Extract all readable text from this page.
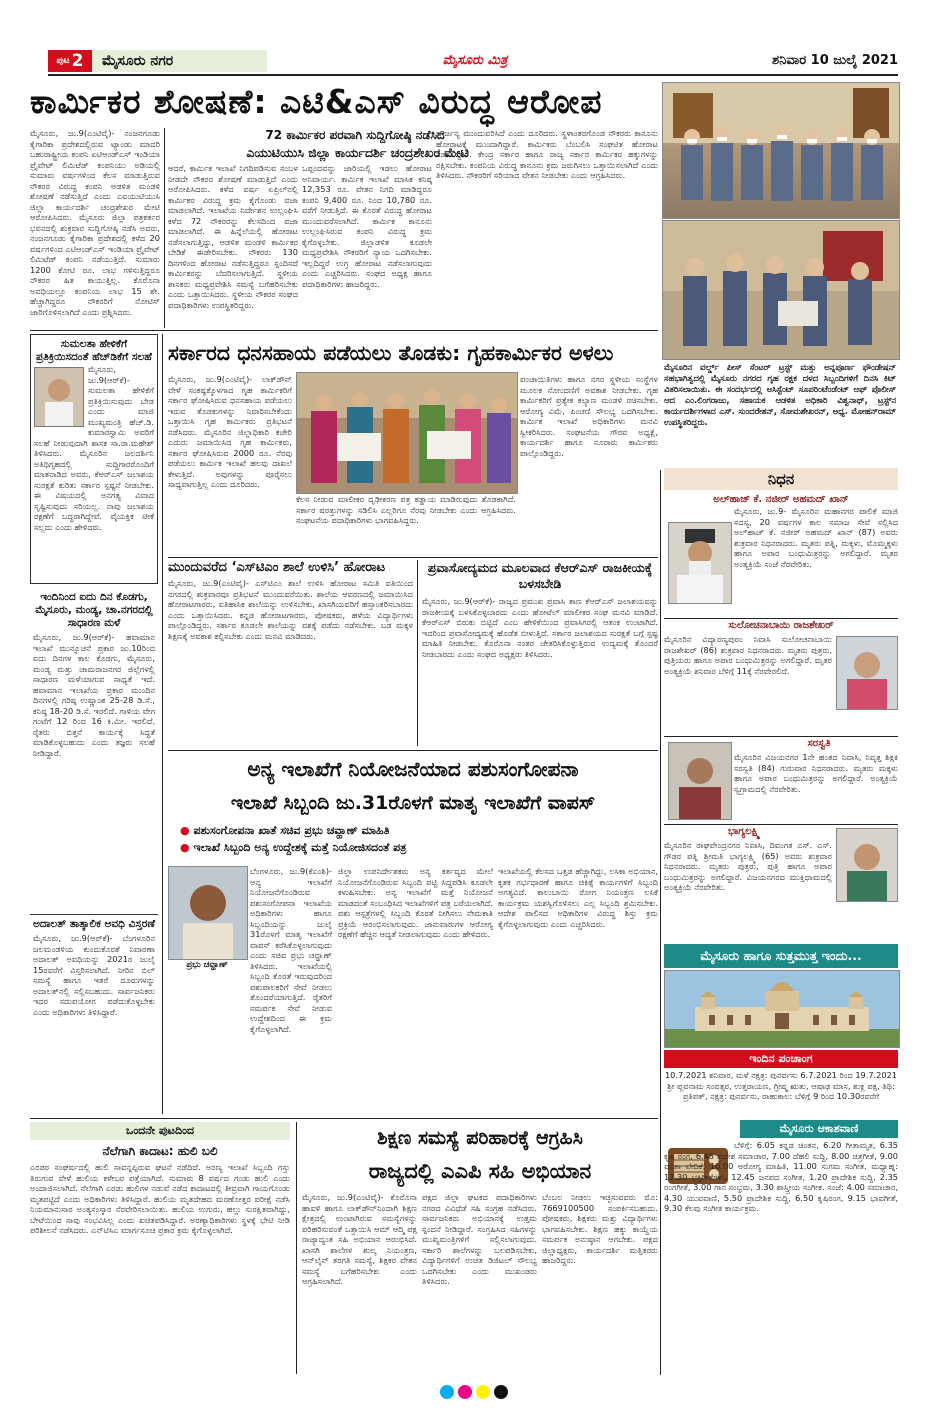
ಪುಟ 2	ಮೈಸೂರು ನಗರ	ಮೈಸೂರು ಮಿತ್ರ	ಶನಿವಾರ 10 ಜುಲೈ 2021
ಕಾರ್ಮಿಕರ ಶೋಷಣೆ: ಎಟಿ&ಎಸ್ ವಿರುದ್ಧ ಆರೋಪ
72 ಕಾರ್ಮಿಕರ ಪರವಾಗಿ ಸುದ್ದಿಗೋಷ್ಠಿ ನಡೆಸಿದ
ಎಯುಟಿಯುಸಿ ಜಿಲ್ಲಾ ಕಾರ್ಯದರ್ಶಿ ಚಂದ್ರಶೇಖರ ಮೇಟಿ
ಮೈಸೂರು, ಜು.9(ಎಂಟಿವೈ)- ನಂಜನಗೂಡು ಕೈಗಾರಿಕಾ ಪ್ರದೇಶದಲ್ಲಿರುವ ಟ್ಯಾಂಡು ಮಾದರಿ ಬಹುರಾಷ್ಟ್ರೀಯ ಕಂಪನಿ ಏಟಿಆಂಡ್‌ಎಸ್ ಇಂಡಿಯಾ ಪ್ರೈವೇಟ್ ಲಿಮಿಟೆಡ್ ಕಂಪನಿಯು ಅಡಿಯಲ್ಲಿ ಸುಮಾರು ವರ್ಷಗಳಿಂದ ಕೆಲಸ ಮಾಡುತ್ತಿರುವ ನೌಕರರ ವಿರುದ್ಧ ಕಂಪನಿ ಆಡಳಿತ ಮಂಡಳಿ ಶೋಷಣೆ ನಡೆಸುತ್ತಿದೆ ಎಂದು ಎಐಯುಟಿಯುಸಿ ಜಿಲ್ಲಾ ಕಾರ್ಯದರ್ಶಿ ಚಂದ್ರಶೇಖರ ಮೇಟಿ ಆರೋಪಿಸಿದರು. ಮೈಸೂರು ಜಿಲ್ಲಾ ಪತ್ರಕರ್ತರ ಭವನದಲ್ಲಿ ಶುಕ್ರವಾರ ಸುದ್ದಿಗೋಷ್ಠಿ ನಡೆಸಿ ಅವರು, ನಂಜನಗೂಡು ಕೈಗಾರಿಕಾ ಪ್ರದೇಶದಲ್ಲಿ ಕಳೆದ 20 ವರ್ಷಗಳಿಂದ ಎಟಿಆಂಡ್‌ಎಸ್ ಇಂಡಿಯಾ ಪ್ರೈವೇಟ್ ಲಿಮಿಟೆಡ್ ಕಂಪನಿ ನಡೆಯುತ್ತಿದೆ. ಸುಮಾರು 1200 ಕೋಟಿ ರೂ. ಲಾಭ ಗಳಿಸುತ್ತಿದ್ದರೂ ನೌಕರರ ಹಿತ ಕಾಯುತ್ತಿಲ್ಲ. ಕೊರೊನಾ ಅವಧಿಯಲ್ಲೂ ಕಂಪನಿಯ ಲಾಭ 15 ಶೇ. ಹೆಚ್ಚಾಗಿದ್ದರೂ ನೌಕರರಿಗೆ ನೋಟಿಸ್ ಜಾರಿಗೊಳಿಸಲಾಗಿದೆ ಎಂದು ಪ್ರಶ್ನಿಸಿದರು.
ಆದರೆ, ಕಾರ್ಮಿಕ ಇಲಾಖೆ ನಿಗದಿಪಡಿಸುವ ಸಂಬಳ ನೀಡದೇ ನೌಕರರ ಶೋಷಣೆ ಮಾಡುತ್ತಿದೆ ಎಂದು ಆರೋಪಿಸಿದರು. ಕಳೆದ ವರ್ಷ ಏಪ್ರಿಲ್‌ನಲ್ಲಿ ಕಾರ್ಮಿಕರ ವಿರುದ್ಧ ಕ್ರಮ ಕೈಗೊಂಡು ವಜಾ ಮಾಡಲಾಗಿದೆ. ಇಲಾಖೆಯ ನಿರ್ದೇಶನ ಉಲ್ಲಂಘಿಸಿ ಕಳೆದ 72 ನೌಕರರನ್ನು ಕೆಲಸದಿಂದ ವಜಾ ಮಾಡಲಾಗಿದೆ. ಈ ಹಿನ್ನೆಲೆಯಲ್ಲಿ ಹೋರಾಟ ನಡೆಸಲಾಗುತ್ತಿದ್ದು, ಆಡಳಿತ ಮಂಡಳಿ ಕಾರ್ಮಿಕರ ಬೇಡಿಕೆ ಈಡೇರಿಸಬೇಕು. ನೌಕರರು 130 ದಿನಗಳಿಂದ ಹೋರಾಟ ನಡೆಸುತ್ತಿದ್ದರೂ ಸ್ಪಂದಿಸದೆ ಕಾರ್ಮಿಕರನ್ನು ಬೆದರಿಸಲಾಗುತ್ತಿದೆ. ಸ್ಥಳೀಯ ಶಾಸಕರು ಮಧ್ಯಪ್ರವೇಶಿಸಿ ಸಮಸ್ಯೆ ಬಗೆಹರಿಸಬೇಕು ಎಂದು ಒತ್ತಾಯಿಸಿದರು. ಸ್ಥಳೀಯ ನೌಕರರ ಸಂಘದ ಪದಾಧಿಕಾರಿಗಳು ಉಪಸ್ಥಿತರಿದ್ದರು.
ಒಪ್ಪಂದವನ್ನು ಜಾರಿಯಲ್ಲಿ ಇಡಲು ಹೋರಾಟ ಅನಿವಾರ್ಯ. ಕಾರ್ಮಿಕ ಇಲಾಖೆ ಮಾಸಿಕ ಕನಿಷ್ಠ 12,353 ರೂ. ವೇತನ ನಿಗದಿ ಮಾಡಿದ್ದರೂ ಕಂಪನಿ 9,400 ರೂ. ನಿಂದ 10,780 ರೂ. ವರೆಗೆ ನೀಡುತ್ತಿದೆ. ಈ ಕೊರತೆ ವಿರುದ್ಧ ಹೋರಾಟ ಮುಂದುವರೆಸಲಾಗಿದೆ. ಕಾರ್ಮಿಕ ಕಾನೂನು ಉಲ್ಲಂಘಿಸಿರುವ ಕಂಪನಿ ವಿರುದ್ಧ ಕ್ರಮ ಕೈಗೊಳ್ಳಬೇಕು. ಜಿಲ್ಲಾಡಳಿತ ಕೂಡಲೇ ಮಧ್ಯಪ್ರವೇಶಿಸಿ ನೌಕರರಿಗೆ ನ್ಯಾಯ ಒದಗಿಸಬೇಕು. ಇಲ್ಲದಿದ್ದರೆ ಉಗ್ರ ಹೋರಾಟ ನಡೆಸಲಾಗುವುದು ಎಂದು ಎಚ್ಚರಿಸಿದರು. ಸಂಘದ ಅಧ್ಯಕ್ಷ ಹಾಗೂ ಪದಾಧಿಕಾರಿಗಳು ಹಾಜರಿದ್ದರು.
ದೌರ್ಜನ್ಯ ಮುಂದುವರಿಸಿದೆ ಎಂದು ದೂರಿದರು. ಸ್ಥಳಾಂತರಗೊಂಡ ನೌಕರರು ಕಾನೂನು ಹೋರಾಟಕ್ಕೆ ಮುಂದಾಗಿದ್ದಾರೆ. ಕಾರ್ಮಿಕರು ಬೆಂಬಲಿಸಿ ಸಂಘಟಿತ ಹೋರಾಟ ನಡೆಸಲಿದ್ದಾರೆ. ಕೇಂದ್ರ ಸರ್ಕಾರ ಹಾಗೂ ರಾಜ್ಯ ಸರ್ಕಾರ ಕಾರ್ಮಿಕರ ಹಕ್ಕುಗಳನ್ನು ರಕ್ಷಿಸಬೇಕು. ಕಂಪನಿಯ ವಿರುದ್ಧ ಕಾನೂನು ಕ್ರಮ ಜರುಗಿಸಲು ಒತ್ತಾಯಿಸಲಾಗಿದೆ ಎಂದು ತಿಳಿಸಿದರು. ನೌಕರರಿಗೆ ಸರಿಯಾದ ವೇತನ ನೀಡಬೇಕು ಎಂದು ಆಗ್ರಹಿಸಿದರು.
ಮೈಸೂರಿನ ವರ್ಲ್ಡ್ ಪೀಸ್ ಸೆಂಟರ್ ಟ್ರಸ್ಟ್ ಮತ್ತು ಅನ್ನಪೂರ್ಣ ಫೌಂಡೇಷನ್ ಸಹಭಾಗಿತ್ವದಲ್ಲಿ ಮೈಸೂರು ನಗರದ ಗೃಹ ರಕ್ಷಕ ದಳದ ಸಿಬ್ಬಂದಿಗಳಿಗೆ ದಿನಸಿ ಕಿಟ್ ವಿತರಿಸಲಾಯಿತು. ಈ ಸಂದರ್ಭದಲ್ಲಿ ಅಸಿಸ್ಟೆಂಟ್ ಸೂಪರಿಂಟೆಂಡೆಂಟ್ ಆಫ್ ಪೊಲೀಸ್ ಆದ ಎಂ.ಲಿಂಗರಾಜು, ಸಹಾಯಕ ಆಡಳಿತ ಅಧಿಕಾರಿ ವಿಶ್ವನಾಥ್, ಟ್ರಸ್ಟ್‌ನ ಕಾರ್ಯದರ್ಶಿಗಳಾದ ಎಸ್. ಸುಂದರೇಶನ್, ಸೋಮಶೇಖರನ್, ಅಧ್ಯ. ಮೋಹನ್‌ರಾಮ್ ಉಪಸ್ಥಿತರಿದ್ದರು.
ಸುಮಲತಾ ಹೇಳಿಕೆಗೆ ಪ್ರತಿಕ್ರಿಯಿಸದಂತೆ ಹೆಚ್‌ಡಿಕೆಗೆ ಸಲಹೆ
ಮೈಸೂರು, ಜು.9(ಆರ್‌ಕೆ)- ಸುಮಲತಾ ಹೇಳಿಕೆಗೆ ಪ್ರತಿಕ್ರಿಯಿಸುವುದು ಬೇಡ ಎಂದು ಮಾಜಿ ಮುಖ್ಯಮಂತ್ರಿ ಹೆಚ್.ಡಿ. ಕುಮಾರಸ್ವಾಮಿ ಅವರಿಗೆ ಸಲಹೆ ನೀಡುವುದಾಗಿ ಶಾಸಕ ಸಾ.ರಾ.ಮಹೇಶ್ ತಿಳಿಸಿದರು. ಮೈಸೂರಿನ ಜಲದರ್ಶಿನಿ ಅತಿಥಿಗೃಹದಲ್ಲಿ ಸುದ್ದಿಗಾರರೊಂದಿಗೆ ಮಾತನಾಡಿದ ಅವರು, ಕೆಆರ್‌ಎಸ್ ಜಲಾಶಯ ಸುರಕ್ಷತೆ ಕುರಿತು ಸರ್ಕಾರ ಸ್ಪಷ್ಟನೆ ನೀಡಬೇಕು. ಈ ವಿಷಯದಲ್ಲಿ ಅನಗತ್ಯ ವಿವಾದ ಸೃಷ್ಟಿಸುವುದು ಸರಿಯಲ್ಲ. ನಾವು ಜಲಾಶಯ ರಕ್ಷಣೆಗೆ ಬದ್ಧರಾಗಿದ್ದೇವೆ. ವೈಯಕ್ತಿಕ ಟೀಕೆ ಸಲ್ಲದು ಎಂದು ಹೇಳಿದರು.
ಇಂದಿನಿಂದ ಐದು ದಿನ ಕೊಡಗು, ಮೈಸೂರು, ಮಂಡ್ಯ, ಚಾ.ನಗರದಲ್ಲಿ ಸಾಧಾರಣ ಮಳೆ
ಮೈಸೂರು, ಜು.9(ಆರ್‌ಕೆ)- ಹವಾಮಾನ ಇಲಾಖೆ ಮುನ್ಸೂಚನೆ ಪ್ರಕಾರ ಜು.10ರಿಂದ ಐದು ದಿನಗಳ ಕಾಲ ಕೊಡಗು, ಮೈಸೂರು, ಮಂಡ್ಯ ಮತ್ತು ಚಾಮರಾಜನಗರ ಜಿಲ್ಲೆಗಳಲ್ಲಿ ಸಾಧಾರಣ ಮಳೆಯಾಗುವ ಸಾಧ್ಯತೆ ಇದೆ. ಹವಾಮಾನ ಇಲಾಖೆಯ ಪ್ರಕಾರ ಮುಂದಿನ ದಿನಗಳಲ್ಲಿ ಗರಿಷ್ಠ ಉಷ್ಣಾಂಶ 25-28 ಡಿ.ಸೆ., ಕನಿಷ್ಠ 18-20 ಡಿ.ಸೆ. ಇರಲಿದೆ. ಗಾಳಿಯ ವೇಗ ಗಂಟೆಗೆ 12 ರಿಂದ 16 ಕಿ.ಮೀ. ಇರಲಿದೆ. ರೈತರು ಬಿತ್ತನೆ ಕಾರ್ಯಕ್ಕೆ ಸಿದ್ಧತೆ ಮಾಡಿಕೊಳ್ಳಬಹುದು ಎಂದು ತಜ್ಞರು ಸಲಹೆ ನೀಡಿದ್ದಾರೆ.
ಅದಾಲತ್ ತಾತ್ಕಾಲಿಕ ಅವಧಿ ವಿಸ್ತರಣೆ
ಮೈಸೂರು, ಜು.9(ಆರ್‌ಕೆ)- ಬೆಂಗಳೂರಿನ ಜಲಮಂಡಳಿಯ ಕುಂದುಕೊರತೆ ನಿವಾರಣಾ ಅದಾಲತ್ ಅವಧಿಯನ್ನು 2021ರ ಜುಲೈ 15ರವರೆಗೆ ವಿಸ್ತರಿಸಲಾಗಿದೆ. ನೀರಿನ ಬಿಲ್ ಸಮಸ್ಯೆ ಹಾಗೂ ಇತರೆ ದೂರುಗಳನ್ನು ಅದಾಲತ್‌ನಲ್ಲಿ ಸಲ್ಲಿಸಬಹುದು. ಸಾರ್ವಜನಿಕರು ಇದರ ಸದುಪಯೋಗ ಪಡೆದುಕೊಳ್ಳಬೇಕು ಎಂದು ಅಧಿಕಾರಿಗಳು ತಿಳಿಸಿದ್ದಾರೆ.
ಸರ್ಕಾರದ ಧನಸಹಾಯ ಪಡೆಯಲು ತೊಡಕು: ಗೃಹಕಾರ್ಮಿಕರ ಅಳಲು
ಮೈಸೂರು, ಜು.9(ಎಂಟಿವೈ)- ಲಾಕ್‌ಡೌನ್ ವೇಳೆ ಸಂಕಷ್ಟಕ್ಕೊಳಗಾದ ಗೃಹ ಕಾರ್ಮಿಕರಿಗೆ ಸರ್ಕಾರ ಘೋಷಿಸಿರುವ ಧನಸಹಾಯ ಪಡೆಯಲು ಇರುವ ತೊಡಕುಗಳನ್ನು ನಿವಾರಿಸಬೇಕೆಂದು ಒತ್ತಾಯಿಸಿ ಗೃಹ ಕಾರ್ಮಿಕರು ಪ್ರತಿಭಟನೆ ನಡೆಸಿದರು. ಮೈಸೂರಿನ ಜಿಲ್ಲಾಧಿಕಾರಿ ಕಚೇರಿ ಎದುರು ಜಮಾಯಿಸಿದ ಗೃಹ ಕಾರ್ಮಿಕರು, ಸರ್ಕಾರ ಘೋಷಿಸಿರುವ 2000 ರೂ. ನೆರವು ಪಡೆಯಲು ಕಾರ್ಮಿಕ ಇಲಾಖೆ ಹಲವು ದಾಖಲೆ ಕೇಳುತ್ತಿದೆ. ಅವುಗಳನ್ನು ಪೂರೈಸಲು ಸಾಧ್ಯವಾಗುತ್ತಿಲ್ಲ ಎಂದು ದೂರಿದರು.
ಕೆಲಸ ನೀಡುವ ಮಾಲೀಕರ ದೃಢೀಕರಣ ಪತ್ರ ಕಡ್ಡಾಯ ಮಾಡಿರುವುದು ತೊಡಕಾಗಿದೆ. ಸರ್ಕಾರ ಷರತ್ತುಗಳನ್ನು ಸಡಿಲಿಸಿ ಎಲ್ಲರಿಗೂ ನೆರವು ನೀಡಬೇಕು ಎಂದು ಆಗ್ರಹಿಸಿದರು. ಸಂಘಟನೆಯ ಪದಾಧಿಕಾರಿಗಳು ಭಾಗವಹಿಸಿದ್ದರು.
ಪಂಚಾಯಿತಿಗಳು ಹಾಗೂ ನಗರ ಸ್ಥಳೀಯ ಸಂಸ್ಥೆಗಳ ಮೂಲಕ ನೋಂದಣಿಗೆ ಅವಕಾಶ ನೀಡಬೇಕು. ಗೃಹ ಕಾರ್ಮಿಕರಿಗೆ ಪ್ರತ್ಯೇಕ ಕಲ್ಯಾಣ ಮಂಡಳಿ ರಚಿಸಬೇಕು. ಆರೋಗ್ಯ ವಿಮೆ, ಪಿಂಚಣಿ ಸೌಲಭ್ಯ ಒದಗಿಸಬೇಕು. ಕಾರ್ಮಿಕ ಇಲಾಖೆ ಅಧಿಕಾರಿಗಳು ಮನವಿ ಸ್ವೀಕರಿಸಿದರು. ಸಂಘಟನೆಯ ಗೌರವ ಅಧ್ಯಕ್ಷೆ, ಕಾರ್ಯದರ್ಶಿ ಹಾಗೂ ನೂರಾರು ಕಾರ್ಮಿಕರು ಪಾಲ್ಗೊಂಡಿದ್ದರು.
ಮುಂದುವರೆದ ‘ಎಸ್‌ಟಿಎಂ ಶಾಲೆ ಉಳಿಸಿ’ ಹೋರಾಟ
ಮೈಸೂರು, ಜು.9(ಎಂಟಿವೈ)- ಎಸ್‌ಟಿಎಂ ಶಾಲೆ ಉಳಿಸಿ ಹೋರಾಟ ಸಮಿತಿ ವತಿಯಿಂದ ನಗರದಲ್ಲಿ ಶುಕ್ರವಾರವೂ ಪ್ರತಿಭಟನೆ ಮುಂದುವರೆಯಿತು. ಶಾಲೆಯ ಆವರಣದಲ್ಲಿ ಜಮಾಯಿಸಿದ ಹೋರಾಟಗಾರರು, ಐತಿಹಾಸಿಕ ಶಾಲೆಯನ್ನು ಉಳಿಸಬೇಕು, ಖಾಸಗಿಯವರಿಗೆ ಹಸ್ತಾಂತರಿಸಬಾರದು ಎಂದು ಒತ್ತಾಯಿಸಿದರು. ಕನ್ನಡ ಹೋರಾಟಗಾರರು, ಪೋಷಕರು, ಹಳೆಯ ವಿದ್ಯಾರ್ಥಿಗಳು ಪಾಲ್ಗೊಂಡಿದ್ದರು. ಸರ್ಕಾರ ಕೂಡಲೇ ಶಾಲೆಯನ್ನು ವಶಕ್ಕೆ ಪಡೆದು ನಡೆಸಬೇಕು. ಬಡ ಮಕ್ಕಳ ಶಿಕ್ಷಣಕ್ಕೆ ಅವಕಾಶ ಕಲ್ಪಿಸಬೇಕು ಎಂದು ಮನವಿ ಮಾಡಿದರು.
ಪ್ರವಾಸೋದ್ಯಮದ ಮೂಲವಾದ ಕೆಆರ್‌ಎಸ್ ರಾಜಕೀಯಕ್ಕೆ ಬಳಸಬೇಡಿ
ಮೈಸೂರು, ಜು.9(ಆರ್‌ಕೆ)- ರಾಜ್ಯದ ಪ್ರಮುಖ ಪ್ರವಾಸಿ ತಾಣ ಕೆಆರ್‌ಎಸ್ ಜಲಾಶಯವನ್ನು ರಾಜಕೀಯಕ್ಕೆ ಬಳಸಿಕೊಳ್ಳಬಾರದು ಎಂದು ಹೋಟೆಲ್ ಮಾಲೀಕರ ಸಂಘ ಮನವಿ ಮಾಡಿದೆ. ಕೆಆರ್‌ಎಸ್ ಬಿರುಕು ಬಿಟ್ಟಿದೆ ಎಂಬ ಹೇಳಿಕೆಯಿಂದ ಪ್ರವಾಸಿಗರಲ್ಲಿ ಆತಂಕ ಉಂಟಾಗಿದೆ. ಇದರಿಂದ ಪ್ರವಾಸೋದ್ಯಮಕ್ಕೆ ಹೊಡೆತ ಬೀಳುತ್ತಿದೆ. ಸರ್ಕಾರ ಜಲಾಶಯದ ಸುರಕ್ಷತೆ ಬಗ್ಗೆ ಸ್ಪಷ್ಟ ಮಾಹಿತಿ ನೀಡಬೇಕು. ಕೊರೊನಾ ನಂತರ ಚೇತರಿಸಿಕೊಳ್ಳುತ್ತಿರುವ ಉದ್ಯಮಕ್ಕೆ ತೊಂದರೆ ನೀಡಬಾರದು ಎಂದು ಸಂಘದ ಅಧ್ಯಕ್ಷರು ತಿಳಿಸಿದರು.
ಅನ್ಯ ಇಲಾಖೆಗೆ ನಿಯೋಜನೆಯಾದ ಪಶುಸಂಗೋಪನಾ
ಇಲಾಖೆ ಸಿಬ್ಬಂದಿ ಜು.31ರೊಳಗೆ ಮಾತೃ ಇಲಾಖೆಗೆ ವಾಪಸ್
● ಪಶುಸಂಗೋಪನಾ ಖಾತೆ ಸಚಿವ ಪ್ರಭು ಚವ್ಹಾಣ್ ಮಾಹಿತಿ
● ಇಲಾಖೆ ಸಿಬ್ಬಂದಿ ಅನ್ಯ ಉದ್ದೇಶಕ್ಕೆ ಮತ್ತೆ ನಿಯೋಜಿಸದಂತೆ ಪತ್ರ
ಪ್ರಭು ಚವ್ಹಾಣ್
ಬೆಂಗಳೂರು, ಜು.9(ಕೆಎಂಶಿ)- ಅನ್ಯ ಇಲಾಖೆಗೆ ನಿಯೋಜನೆಗೊಂಡಿರುವ ಪಶುಸಂಗೋಪನಾ ಇಲಾಖೆಯ ಅಧಿಕಾರಿಗಳು ಹಾಗೂ ಸಿಬ್ಬಂದಿಯನ್ನು ಜುಲೈ 31ರೊಳಗೆ ಮಾತೃ ಇಲಾಖೆಗೆ ವಾಪಸ್ ಕರೆಸಿಕೊಳ್ಳಲಾಗುವುದು ಎಂದು ಸಚಿವ ಪ್ರಭು ಚವ್ಹಾಣ್ ತಿಳಿಸಿದರು. ಇಲಾಖೆಯಲ್ಲಿ ಸಿಬ್ಬಂದಿ ಕೊರತೆ ಇರುವುದರಿಂದ ಪಶುಪಾಲಕರಿಗೆ ಸೇವೆ ನೀಡಲು ತೊಂದರೆಯಾಗುತ್ತಿದೆ. ರೈತರಿಗೆ ಸಮರ್ಪಕ ಸೇವೆ ನೀಡುವ ಉದ್ದೇಶದಿಂದ ಈ ಕ್ರಮ ಕೈಗೊಳ್ಳಲಾಗಿದೆ.
ಜಿಲ್ಲಾ ಉಪನಿರ್ದೇಶಕರು ಅನ್ಯ ಕರ್ತವ್ಯದ ಮೇಲೆ ನಿಯೋಜನೆಗೊಂಡಿರುವ ಸಿಬ್ಬಂದಿ ಪಟ್ಟಿ ಸಿದ್ಧಪಡಿಸಿ ಕೂಡಲೇ ಕಳುಹಿಸಬೇಕು. ಅನ್ಯ ಇಲಾಖೆಗೆ ಮತ್ತೆ ನಿಯೋಜನೆ ಮಾಡದಂತೆ ಸಂಬಂಧಿಸಿದ ಇಲಾಖೆಗಳಿಗೆ ಪತ್ರ ಬರೆಯಲಾಗಿದೆ. ಪಶು ಆಸ್ಪತ್ರೆಗಳಲ್ಲಿ ಸಿಬ್ಬಂದಿ ಕೊರತೆ ನೀಗಿಸಲು ನೇಮಕಾತಿ ಪ್ರಕ್ರಿಯೆ ಆರಂಭಿಸಲಾಗುವುದು. ಜಾನುವಾರುಗಳ ಆರೋಗ್ಯ ರಕ್ಷಣೆಗೆ ಹೆಚ್ಚಿನ ಆದ್ಯತೆ ನೀಡಲಾಗುವುದು ಎಂದು ಹೇಳಿದರು.
ಇಲಾಖೆಯಲ್ಲಿ ಕೆಲಸದ ಒತ್ತಡ ಹೆಚ್ಚಾಗಿದ್ದು, ಲಸಿಕಾ ಅಭಿಯಾನ, ಕೃತಕ ಗರ್ಭಧಾರಣೆ ಹಾಗೂ ಚಿಕಿತ್ಸೆ ಕಾರ್ಯಗಳಿಗೆ ಸಿಬ್ಬಂದಿ ಅಗತ್ಯವಿದೆ. ಕಾಲುಬಾಯಿ ರೋಗ ನಿಯಂತ್ರಣ ಲಸಿಕೆ ಕಾರ್ಯಕ್ರಮ ಯಶಸ್ವಿಗೊಳಿಸಲು ಎಲ್ಲ ಸಿಬ್ಬಂದಿ ಶ್ರಮಿಸಬೇಕು. ಆದೇಶ ಪಾಲಿಸದ ಅಧಿಕಾರಿಗಳ ವಿರುದ್ಧ ಶಿಸ್ತು ಕ್ರಮ ಕೈಗೊಳ್ಳಲಾಗುವುದು ಎಂದು ಎಚ್ಚರಿಸಿದರು.
ಒಂದನೇ ಪುಟದಿಂದ
ನೆಲೆಗಾಗಿ ಕಾದಾಟ: ಹುಲಿ ಬಲಿ
ಎರಡರ ಸಂಘರ್ಷದಲ್ಲಿ ಹುಲಿ ಸಾವನ್ನಪ್ಪಿರುವ ಘಟನೆ ನಡೆದಿದೆ. ಅರಣ್ಯ ಇಲಾಖೆ ಸಿಬ್ಬಂದಿ ಗಸ್ತು ತಿರುಗುವ ವೇಳೆ ಹುಲಿಯ ಕಳೇಬರ ಪತ್ತೆಯಾಗಿದೆ. ಸುಮಾರು 8 ವರ್ಷದ ಗಂಡು ಹುಲಿ ಎಂದು ಅಂದಾಜಿಸಲಾಗಿದೆ. ನೆಲೆಗಾಗಿ ಎರಡು ಹುಲಿಗಳ ನಡುವೆ ನಡೆದ ಕಾದಾಟದಲ್ಲಿ ತೀವ್ರವಾಗಿ ಗಾಯಗೊಂಡು ಮೃತಪಟ್ಟಿದೆ ಎಂದು ಅಧಿಕಾರಿಗಳು ತಿಳಿಸಿದ್ದಾರೆ. ಹುಲಿಯ ಮೃತದೇಹದ ಮರಣೋತ್ತರ ಪರೀಕ್ಷೆ ನಡೆಸಿ ನಿಯಮಾನುಸಾರ ಅಂತ್ಯಸಂಸ್ಕಾರ ನೆರವೇರಿಸಲಾಯಿತು. ಹುಲಿಯ ಉಗುರು, ಹಲ್ಲು ಸುರಕ್ಷಿತವಾಗಿದ್ದು, ಬೇಟೆಯಿಂದ ಸಾವು ಸಂಭವಿಸಿಲ್ಲ ಎಂದು ಖಚಿತಪಡಿಸಿದ್ದಾರೆ. ಅರಣ್ಯಾಧಿಕಾರಿಗಳು ಸ್ಥಳಕ್ಕೆ ಭೇಟಿ ನೀಡಿ ಪರಿಶೀಲನೆ ನಡೆಸಿದರು. ಎನ್‌ಟಿಸಿಎ ಮಾರ್ಗಸೂಚಿ ಪ್ರಕಾರ ಕ್ರಮ ಕೈಗೊಳ್ಳಲಾಗಿದೆ.
ಶಿಕ್ಷಣ ಸಮಸ್ಯೆ ಪರಿಹಾರಕ್ಕೆ ಆಗ್ರಹಿಸಿ
ರಾಜ್ಯದಲ್ಲಿ ಎಎಪಿ ಸಹಿ ಅಭಿಯಾನ
ಮೈಸೂರು, ಜು.9(ಎಂಟಿವೈ)- ಕೊರೊನಾ ಹಾವಳಿ ಹಾಗೂ ಲಾಕ್‌ಡೌನ್‌ನಿಂದಾಗಿ ಶಿಕ್ಷಣ ಕ್ಷೇತ್ರದಲ್ಲಿ ಉಂಟಾಗಿರುವ ಸಮಸ್ಯೆಗಳನ್ನು ಪರಿಹರಿಸುವಂತೆ ಒತ್ತಾಯಿಸಿ ಆಮ್ ಆದ್ಮಿ ಪಕ್ಷ ರಾಜ್ಯಾದ್ಯಂತ ಸಹಿ ಅಭಿಯಾನ ಆರಂಭಿಸಿದೆ. ಖಾಸಗಿ ಶಾಲೆಗಳ ಶುಲ್ಕ ನಿಯಂತ್ರಣ, ಆನ್‌ಲೈನ್ ತರಗತಿ ಸಮಸ್ಯೆ, ಶಿಕ್ಷಕರ ವೇತನ ಸಮಸ್ಯೆ ಬಗೆಹರಿಸಬೇಕು ಎಂದು ಆಗ್ರಹಿಸಲಾಗಿದೆ.
ಪಕ್ಷದ ಜಿಲ್ಲಾ ಘಟಕದ ಪದಾಧಿಕಾರಿಗಳು ನಗರದ ವಿವಿಧೆಡೆ ಸಹಿ ಸಂಗ್ರಹ ನಡೆಸಿದರು. ಸಾರ್ವಜನಿಕರು ಅಭಿಯಾನಕ್ಕೆ ಉತ್ತಮ ಸ್ಪಂದನೆ ನೀಡಿದ್ದಾರೆ. ಸಂಗ್ರಹಿಸಿದ ಸಹಿಗಳನ್ನು ಮುಖ್ಯಮಂತ್ರಿಗಳಿಗೆ ಸಲ್ಲಿಸಲಾಗುವುದು. ಸರ್ಕಾರಿ ಶಾಲೆಗಳನ್ನು ಬಲಪಡಿಸಬೇಕು, ವಿದ್ಯಾರ್ಥಿಗಳಿಗೆ ಉಚಿತ ಡಿಜಿಟಲ್ ಸೌಲಭ್ಯ ಒದಗಿಸಬೇಕು ಎಂದು ಮುಖಂಡರು ತಿಳಿಸಿದರು.
ಬೆಂಬಲ ನೀಡಲು ಇಚ್ಛಿಸುವವರು ಮೊ: 7669100500 ಸಂಪರ್ಕಿಸಬಹುದು. ಪೋಷಕರು, ಶಿಕ್ಷಕರು ಮತ್ತು ವಿದ್ಯಾರ್ಥಿಗಳು ಭಾಗವಹಿಸಬೇಕು. ಶಿಕ್ಷಣ ಹಕ್ಕು ಕಾಯ್ದೆಯ ಸಮರ್ಪಕ ಅನುಷ್ಠಾನ ಆಗಬೇಕು. ಪಕ್ಷದ ಜಿಲ್ಲಾಧ್ಯಕ್ಷರು, ಕಾರ್ಯದರ್ಶಿ ಮತ್ತಿತರರು ಹಾಜರಿದ್ದರು.
ನಿಧನ
ಅಲ್‌ಹಾಜ್ ಕೆ. ನಜೀರ್ ಅಹಮದ್ ಖಾನ್
ಮೈಸೂರು, ಜು.9- ಮೈಸೂರಿನ ಮಹಾನಗರ ಪಾಲಿಕೆ ಮಾಜಿ ಸದಸ್ಯ, 20 ವರ್ಷಗಳ ಕಾಲ ಸಮಾಜ ಸೇವೆ ಸಲ್ಲಿಸಿದ ಅಲ್‌ಹಾಜ್ ಕೆ. ನಜೀರ್ ಅಹಮದ್ ಖಾನ್ (87) ಅವರು ಶುಕ್ರವಾರ ನಿಧನರಾದರು. ಮೃತರು ಪತ್ನಿ, ಮಕ್ಕಳು, ಮೊಮ್ಮಕ್ಕಳು ಹಾಗೂ ಅಪಾರ ಬಂಧುಮಿತ್ರರನ್ನು ಅಗಲಿದ್ದಾರೆ. ಮೃತರ ಅಂತ್ಯಕ್ರಿಯೆ ಸಂಜೆ ನೆರವೇರಿತು.
ಸುಲೋಚನಾಬಾಯಿ ರಾಜಶೇಖರ್
ಮೈಸೂರಿನ ವಿದ್ಯಾರಣ್ಯಪುರಂ ನಿವಾಸಿ ಸುಲೋಚನಾಬಾಯಿ ರಾಜಶೇಖರ್ (86) ಶುಕ್ರವಾರ ನಿಧನರಾದರು. ಮೃತರು ಪುತ್ರರು, ಪುತ್ರಿಯರು ಹಾಗೂ ಅಪಾರ ಬಂಧುಮಿತ್ರರನ್ನು ಅಗಲಿದ್ದಾರೆ. ಮೃತರ ಅಂತ್ಯಕ್ರಿಯೆ ಶನಿವಾರ ಬೆಳಿಗ್ಗೆ 11ಕ್ಕೆ ನೆರವೇರಲಿದೆ.
ಸರಸ್ವತಿ
ಮೈಸೂರಿನ ವಿಜಯನಗರ 1ನೇ ಹಂತದ ನಿವಾಸಿ, ನಿವೃತ್ತ ಶಿಕ್ಷಕಿ ಸರಸ್ವತಿ (84) ಗುರುವಾರ ನಿಧನರಾದರು. ಮೃತರು ಮಕ್ಕಳು ಹಾಗೂ ಅಪಾರ ಬಂಧುಮಿತ್ರರನ್ನು ಅಗಲಿದ್ದಾರೆ. ಅಂತ್ಯಕ್ರಿಯೆ ಸ್ವಗ್ರಾಮದಲ್ಲಿ ನೆರವೇರಿತು.
ಭಾಗ್ಯಲಕ್ಷ್ಮಿ
ಮೈಸೂರಿನ ರಾಘವೇಂದ್ರನಗರ ನಿವಾಸಿ, ದಿವಂಗತ ಎಸ್. ಎಸ್. ಗೌಡರ ಪತ್ನಿ ಶ್ರೀಮತಿ ಭಾಗ್ಯಲಕ್ಷ್ಮಿ (65) ಅವರು ಶುಕ್ರವಾರ ನಿಧನರಾದರು. ಮೃತರು ಪುತ್ರರು, ಪುತ್ರಿ ಹಾಗೂ ಅಪಾರ ಬಂಧುಮಿತ್ರರನ್ನು ಅಗಲಿದ್ದಾರೆ. ವಿಜಯನಗರದ ಮುಕ್ತಿಧಾಮದಲ್ಲಿ ಅಂತ್ಯಕ್ರಿಯೆ ನೆರವೇರಿತು.
ಮೈಸೂರು ಹಾಗೂ ಸುತ್ತಮುತ್ತ ಇಂದು...
ಇಂದಿನ ಪಂಚಾಂಗ
10.7.2021 ಶನಿವಾರ, ಮಳೆ ನಕ್ಷತ್ರ: ಪುನರ್ವಸು 6.7.2021 ರಿಂದ 19.7.2021 ಶ್ರೀ ಪ್ಲವನಾಮ ಸಂವತ್ಸರ, ಉತ್ತರಾಯಣ, ಗ್ರೀಷ್ಮ ಋತು, ಆಷಾಢ ಮಾಸ, ಶುಕ್ಲ ಪಕ್ಷ, ತಿಥಿ: ಪ್ರತಿಪತ್, ನಕ್ಷತ್ರ: ಪುನರ್ವಸು, ರಾಹುಕಾಲ: ಬೆಳಿಗ್ಗೆ 9 ರಿಂದ 10.30ರವರೆಗೆ
ಮೈಸೂರು ಆಕಾಶವಾಣಿ
ಬೆಳಿಗ್ಗೆ: 6.05 ಕನ್ನಡ ಚಿಂತನ, 6.20 ಗೀತಾಮೃತ, 6.35 ಕೃಷಿ ರಂಗ, 6.45 ಪ್ರದೇಶ ಸಮಾಚಾರ, 7.00 ದೆಹಲಿ ಸುದ್ದಿ, 8.00 ಚಿತ್ರಗೀತೆ, 9.00 ವನಿತಾ ವೇದಿಕೆ, 10.00 ಆರೋಗ್ಯ ಮಾಹಿತಿ, 11.00 ಸುಗಮ ಸಂಗೀತ. ಮಧ್ಯಾಹ್ನ: 12.30 ಭಕ್ತಿಗೀತೆಗಳು, 12.45 ಜನಪದ ಸಂಗೀತ, 1.20 ಪ್ರಾದೇಶಿಕ ಸುದ್ದಿ, 2.35 ರಂಗಗೀತೆ, 3.00 ಗಾನ ಸಂಭ್ರಮ, 3.30 ಶಾಸ್ತ್ರೀಯ ಸಂಗೀತ. ಸಂಜೆ: 4.00 ಸಮಾಚಾರ, 4.30 ಯುವವಾಣಿ, 5.50 ಪ್ರಾದೇಶಿಕ ಸುದ್ದಿ, 6.50 ಕೃಷಿರಂಗ, 9.15 ಭಾವಗೀತೆ, 9.30 ಕೆಲವು ಸಂಗೀತ ಕಾರ್ಯಕ್ರಮ.
